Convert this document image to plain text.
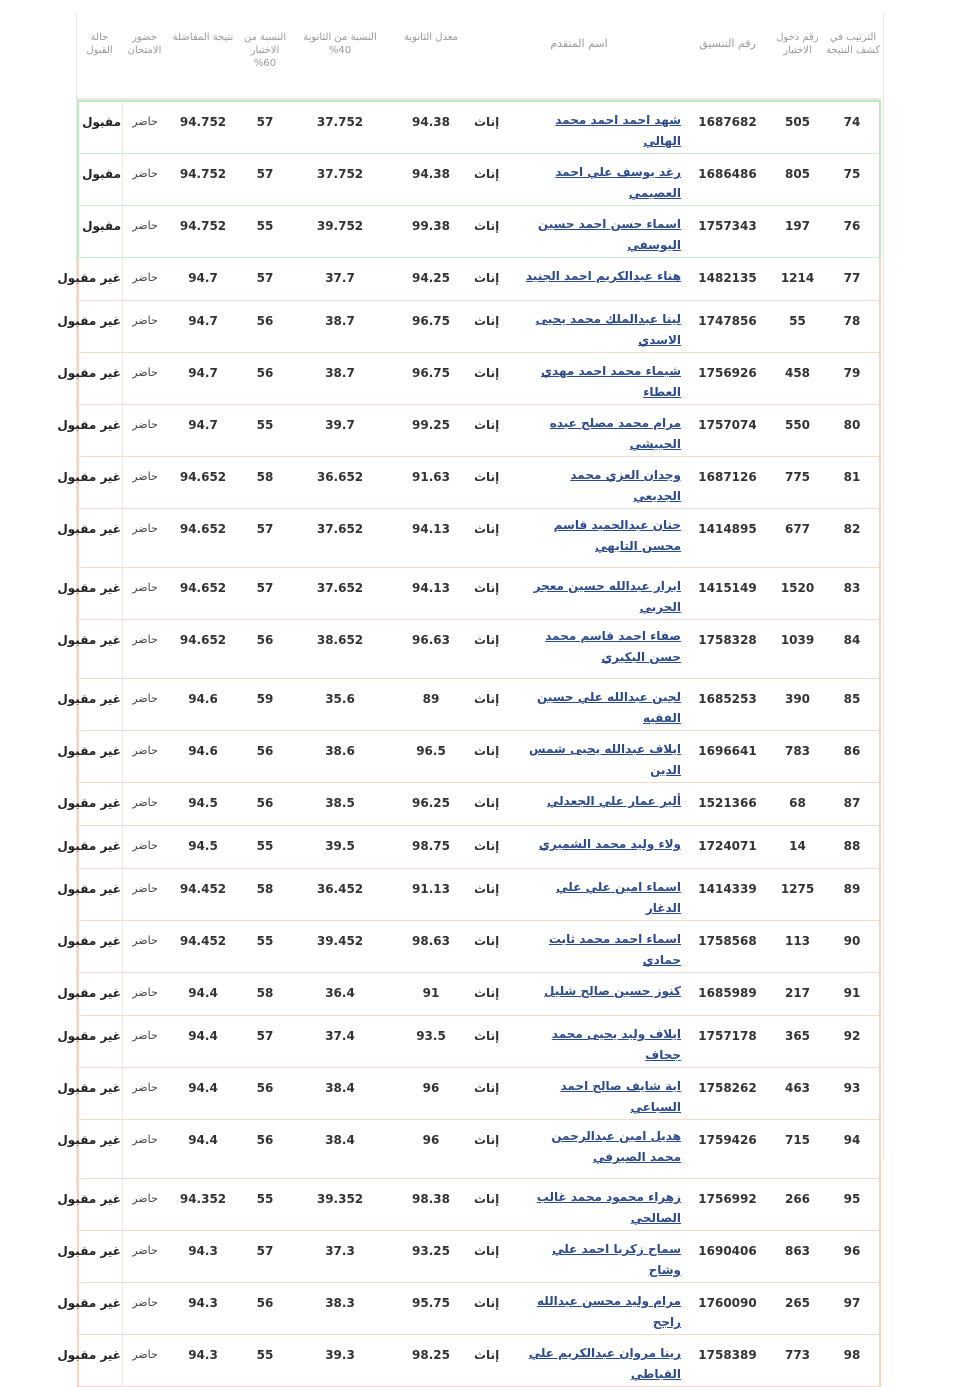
الترتيب في كشف النتيجة	رقم دخول الاختبار	رقم التنسيق	اسم المتقدم		معدل الثانوية	النسبة من الثانوية 40%	النسبة من الاختبار 60%	نتيجة المفاضلة	حضور الامتحان	حالة القبول
74	505	1687682	شهد احمد احمد محمد الهالي	إناث	94.38	37.752	57	94.752	حاضر	مقبول
75	805	1686486	رغد يوسف علي احمد العصيمي	إناث	94.38	37.752	57	94.752	حاضر	مقبول
76	197	1757343	اسماء حسن احمد حسين اليوسفي	إناث	99.38	39.752	55	94.752	حاضر	مقبول
77	1214	1482135	هناء عبدالكريم احمد الجنيد	إناث	94.25	37.7	57	94.7	حاضر	غير مقبول
78	55	1747856	لينا عبدالملك محمد يحيى الاسدي	إناث	96.75	38.7	56	94.7	حاضر	غير مقبول
79	458	1756926	شيماء محمد احمد مهدي العطاء	إناث	96.75	38.7	56	94.7	حاضر	غير مقبول
80	550	1757074	مرام محمد مصلح عبده الحبيشي	إناث	99.25	39.7	55	94.7	حاضر	غير مقبول
81	775	1687126	وجدان العزي محمد الجديعي	إناث	91.63	36.652	58	94.652	حاضر	غير مقبول
82	677	1414895	حنان عبدالحميد قاسم محسن التابهي	إناث	94.13	37.652	57	94.652	حاضر	غير مقبول
83	1520	1415149	ابرار عبدالله حسين معجر الحربي	إناث	94.13	37.652	57	94.652	حاضر	غير مقبول
84	1039	1758328	صفاء احمد قاسم محمد حسن البكيري	إناث	96.63	38.652	56	94.652	حاضر	غير مقبول
85	390	1685253	لجين عبدالله علي حسين الفقيه	إناث	89	35.6	59	94.6	حاضر	غير مقبول
86	783	1696641	ايلاف عبدالله يحيى شمس الدين	إناث	96.5	38.6	56	94.6	حاضر	غير مقبول
87	68	1521366	ألير عمار علي الجعدلي	إناث	96.25	38.5	56	94.5	حاضر	غير مقبول
88	14	1724071	ولاء وليد محمد الشميري	إناث	98.75	39.5	55	94.5	حاضر	غير مقبول
89	1275	1414339	اسماء امين علي علي الدغار	إناث	91.13	36.452	58	94.452	حاضر	غير مقبول
90	113	1758568	اسماء احمد محمد ثابت حمادي	إناث	98.63	39.452	55	94.452	حاضر	غير مقبول
91	217	1685989	كنوز حسين صالح شليل	إناث	91	36.4	58	94.4	حاضر	غير مقبول
92	365	1757178	ايلاف وليد يحيى محمد جحاف	إناث	93.5	37.4	57	94.4	حاضر	غير مقبول
93	463	1758262	اية شايف صالح احمد السباعي	إناث	96	38.4	56	94.4	حاضر	غير مقبول
94	715	1759426	هديل امين عبدالرحمن محمد الصيرفي	إناث	96	38.4	56	94.4	حاضر	غير مقبول
95	266	1756992	زهراء محمود محمد غالب الصالحي	إناث	98.38	39.352	55	94.352	حاضر	غير مقبول
96	863	1690406	سماح زكريا احمد علي وشاح	إناث	93.25	37.3	57	94.3	حاضر	غير مقبول
97	265	1760090	مرام وليد محسن عبدالله راجح	إناث	95.75	38.3	56	94.3	حاضر	غير مقبول
98	773	1758389	رينا مروان عبدالكريم علي القباطي	إناث	98.25	39.3	55	94.3	حاضر	غير مقبول
